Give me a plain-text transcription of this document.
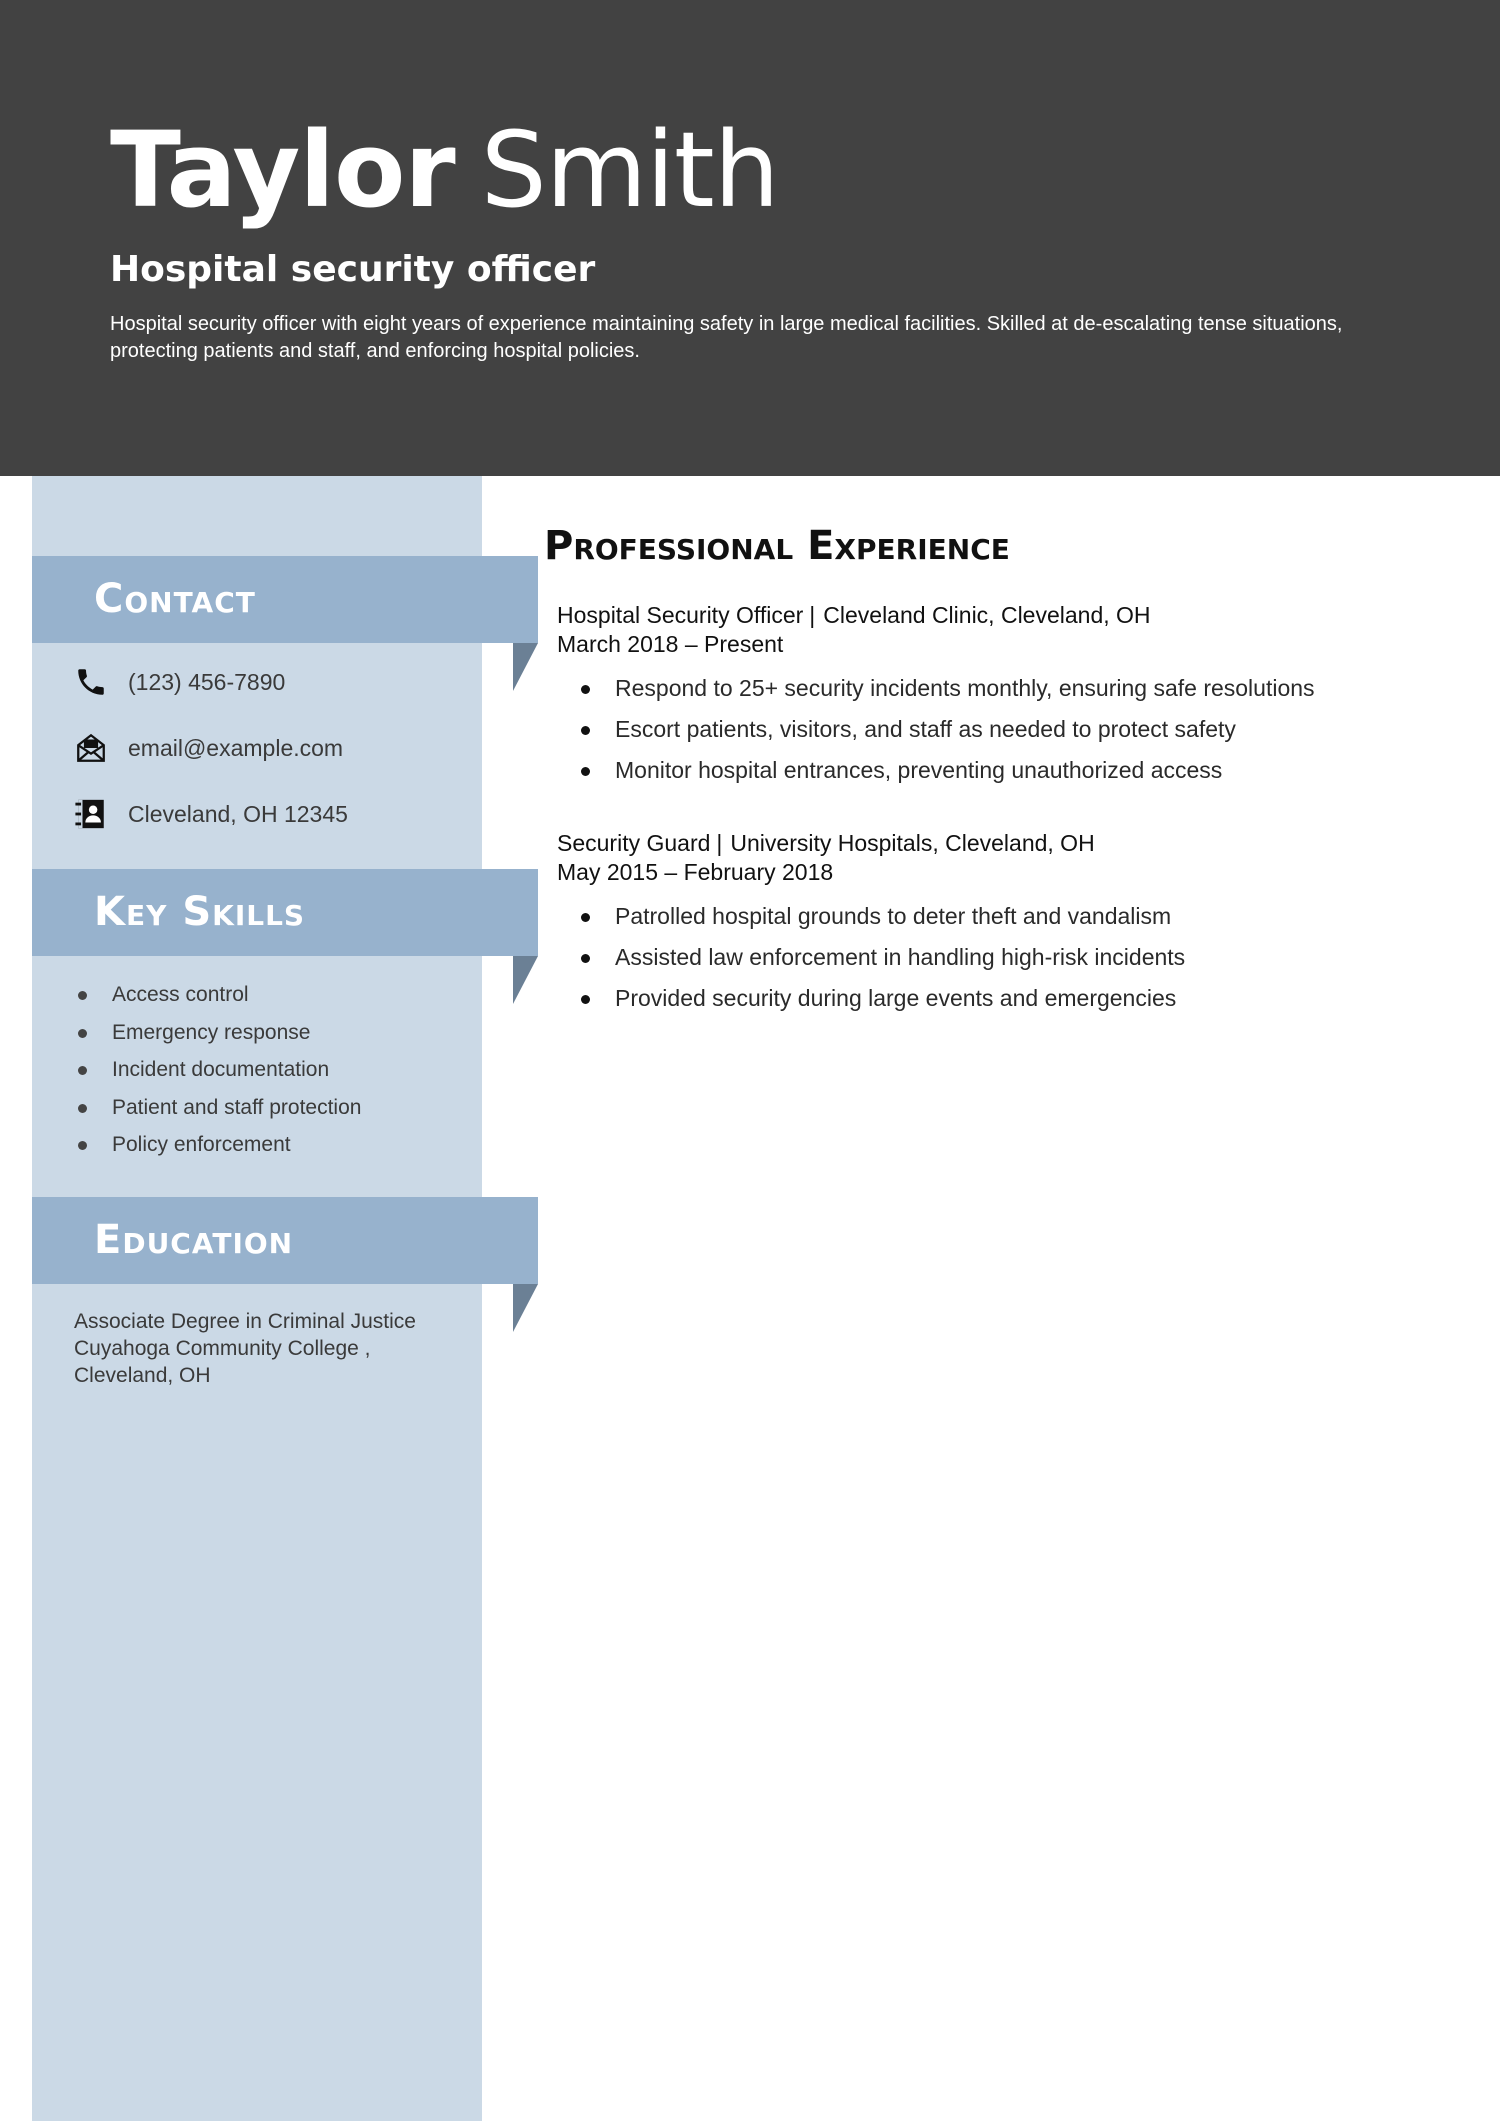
Taylor Smith
Hospital security officer
Hospital security officer with eight years of experience maintaining safety in large medical facilities. Skilled at de-escalating tense situations, protecting patients and staff, and enforcing hospital policies.
Contact
Key Skills
Education
(123) 456-7890
email@example.com
Cleveland, OH 12345
Access control
Emergency response
Incident documentation
Patient and staff protection
Policy enforcement
Associate Degree in Criminal Justice
Cuyahoga Community College ,
Cleveland, OH
Professional Experience
Hospital Security Officer | Cleveland Clinic, Cleveland, OH
March 2018 – Present
Respond to 25+ security incidents monthly, ensuring safe resolutions
Escort patients, visitors, and staff as needed to protect safety
Monitor hospital entrances, preventing unauthorized access
Security Guard | University Hospitals, Cleveland, OH
May 2015 – February 2018
Patrolled hospital grounds to deter theft and vandalism
Assisted law enforcement in handling high-risk incidents
Provided security during large events and emergencies
